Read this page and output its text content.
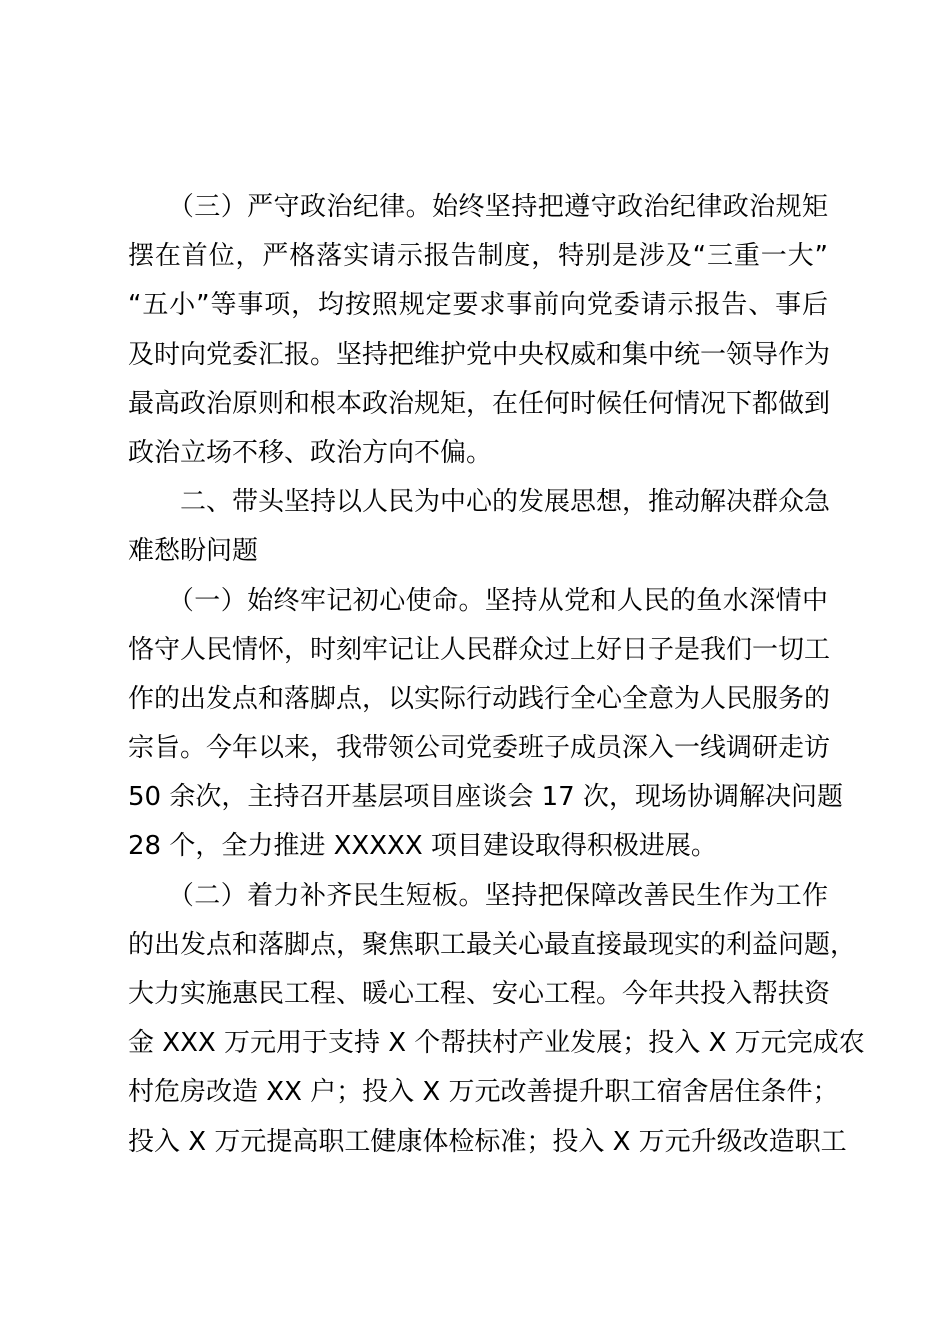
　　（三）严守政治纪律。始终坚持把遵守政治纪律政治规矩
摆在首位，严格落实请示报告制度，特别是涉及“三重一大”
“五小”等事项，均按照规定要求事前向党委请示报告、事后
及时向党委汇报。坚持把维护党中央权威和集中统一领导作为
最高政治原则和根本政治规矩，在任何时候任何情况下都做到
政治立场不移、政治方向不偏。
　　二、带头坚持以人民为中心的发展思想，推动解决群众急
难愁盼问题
　　（一）始终牢记初心使命。坚持从党和人民的鱼水深情中
恪守人民情怀，时刻牢记让人民群众过上好日子是我们一切工
作的出发点和落脚点，以实际行动践行全心全意为人民服务的
宗旨。今年以来，我带领公司党委班子成员深入一线调研走访
50 余次，主持召开基层项目座谈会 17 次，现场协调解决问题
28 个，全力推进 XXXXX 项目建设取得积极进展。
　　（二）着力补齐民生短板。坚持把保障改善民生作为工作
的出发点和落脚点，聚焦职工最关心最直接最现实的利益问题，
大力实施惠民工程、暖心工程、安心工程。今年共投入帮扶资
金 XXX 万元用于支持 X 个帮扶村产业发展；投入 X 万元完成农
村危房改造 XX 户；投入 X 万元改善提升职工宿舍居住条件；
投入 X 万元提高职工健康体检标准；投入 X 万元升级改造职工
